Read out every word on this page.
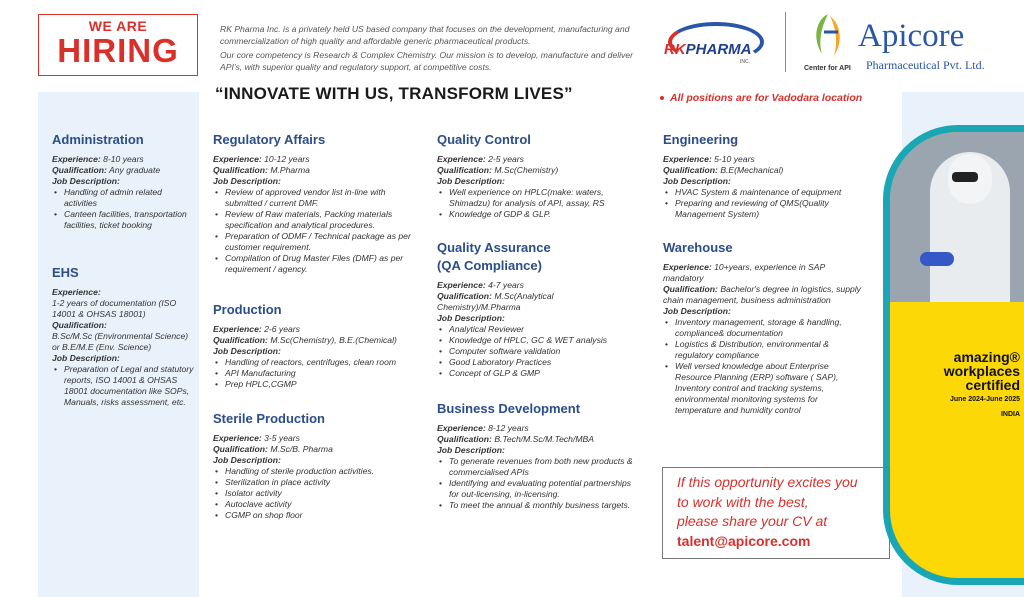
WE ARE
HIRING

RK Pharma Inc. is a privately held US based company that focuses on the development, manufacturing and commercialization of high quality and affordable generic pharmaceutical products.

Our core competency is Research & Complex Chemistry. Our mission is to develop, manufacture and deliver API's, with superior quality and regulatory support, at competitive costs.

“INNOVATE WITH US, TRANSFORM LIVES”	All positions are for Vadodara location
RKPHARMA
INC.
Apicore
Pharmaceutical Pvt. Ltd.
Center for API
Administration
Experience: 8-10 years
Qualification: Any graduate
Job Description:
• Handling of admin related activities
• Canteen facilities, transportation facilities, ticket booking
EHS
Experience:
1-2 years of documentation (ISO 14001 & OHSAS 18001)
Qualification:
B.Sc/M.Sc (Environmental Science) or B.E/M.E (Env. Science)
Job Description:
• Preparation of Legal and statutory reports, ISO 14001 & OHSAS 18001 documentation like SOPs, Manuals, risks assessment, etc.
Regulatory Affairs
Experience: 10-12 years
Qualification: M.Pharma
Job Description:
• Review of approved vendor list in-line with submitted / current DMF.
• Review of Raw materials, Packing materials specification and analytical procedures.
• Preparation of ODMF / Technical package as per customer requirement.
• Compilation of Drug Master Files (DMF) as per requirement / agency.
Production
Experience: 2-6 years
Qualification: M.Sc(Chemistry), B.E.(Chemical)
Job Description:
• Handling of reactors, centrifuges, clean room
• API Manufacturing
• Prep HPLC,CGMP
Sterile Production
Experience: 3-5 years
Qualification: M.Sc/B. Pharma
Job Description:
• Handling of sterile production activities.
• Sterilization in place activity
• Isolator activity
• Autoclave activity
• CGMP on shop floor
Quality Control
Experience: 2-5 years
Qualification: M.Sc(Chemistry)
Job Description:
• Well experience on HPLC(make: waters, Shimadzu) for analysis of API, assay, RS
• Knowledge of GDP & GLP.
Quality Assurance
(QA Compliance)
Experience: 4-7 years
Qualification: M.Sc(Analytical Chemistry)/M.Pharma
Job Description:
• Analytical Reviewer
• Knowledge of HPLC, GC & WET analysis
• Computer software validation
• Good Laboratory Practices
• Concept of GLP & GMP
Business Development
Experience: 8-12 years
Qualification: B.Tech/M.Sc/M.Tech/MBA
Job Description:
• To generate revenues from both new products & commercialised APIs
• Identifying and evaluating potential partnerships for out-licensing, in-licensing.
• To meet the annual & monthly business targets.
Engineering
Experience: 5-10 years
Qualification: B.E(Mechanical)
Job Description:
• HVAC System & maintenance of equipment
• Preparing and reviewing of QMS(Quality Management System)
Warehouse
Experience: 10+years, experience in SAP mandatory
Qualification: Bachelor's degree in logistics, supply chain management, business administration
Job Description:
• Inventory management, storage & handling, compliance& documentation
• Logistics & Distribution, environmental & regulatory compliance
• Well versed knowledge about Enterprise Resource Planning (ERP) software ( SAP), Inventory control and tracking systems, environmental monitoring systems for temperature and humidity control
amazing®
workplaces
certified
June 2024-June 2025
INDIA
If this opportunity excites you
to work with the best,
please share your CV at
talent@apicore.com
